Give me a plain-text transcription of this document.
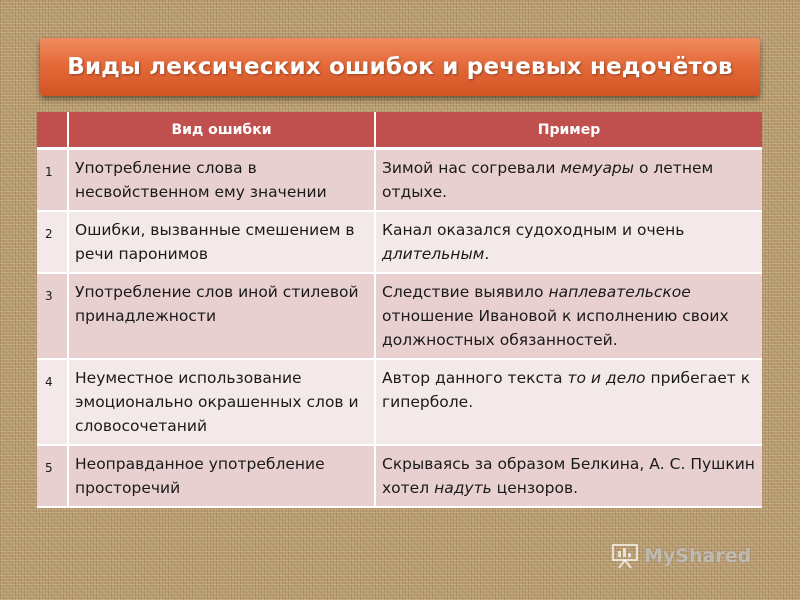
Виды лексических ошибок и речевых недочётов
	Вид ошибки	Пример
1	Употребление слова в несвойственном ему значении	Зимой нас согревали мемуары о летнем отдыхе.
2	Ошибки, вызванные смешением в речи паронимов	Канал оказался судоходным и очень длительным.
3	Употребление слов иной стилевой принадлежности	Следствие выявило наплевательское отношение Ивановой к исполнению своих должностных обязанностей.
4	Неуместное использование эмоционально окрашенных слов и словосочетаний	Автор данного текста то и дело прибегает к гиперболе.
5	Неоправданное употребление просторечий	Скрываясь за образом Белкина, А. С. Пушкин хотел надуть цензоров.
MyShared
